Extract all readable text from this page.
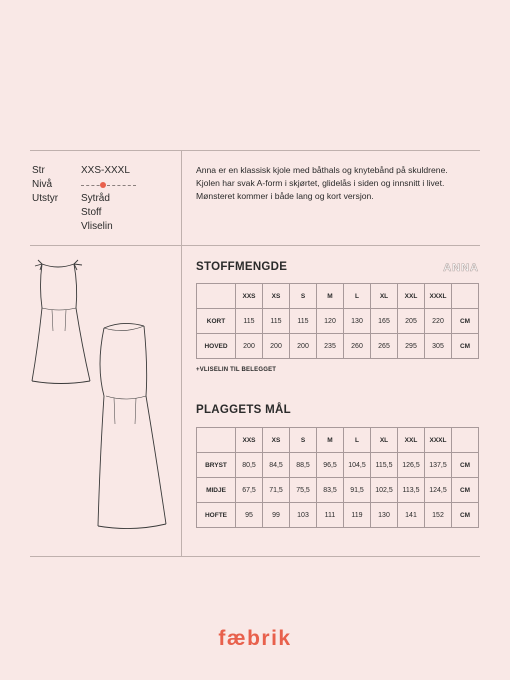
Str	XXS-XXXL
Nivå
Utstyr	Sytråd
Stoff
Vliselin
Anna er en klassisk kjole med båthals og knytebånd på skuldrene.
Kjolen har svak A-form i skjørtet, glidelås i siden og innsnitt i livet.
Mønsteret kommer i både lang og kort versjon.
ANNA
STOFFMENGDE
	XXS	XS	S	M	L	XL	XXL	XXXL	
KORT	115	115	115	120	130	165	205	220	CM
HOVED	200	200	200	235	260	265	295	305	CM
+VLISELIN TIL BELEGGET
PLAGGETS MÅL
	XXS	XS	S	M	L	XL	XXL	XXXL	
BRYST	80,5	84,5	88,5	96,5	104,5	115,5	126,5	137,5	CM
MIDJE	67,5	71,5	75,5	83,5	91,5	102,5	113,5	124,5	CM
HOFTE	95	99	103	111	119	130	141	152	CM
fæbrik
